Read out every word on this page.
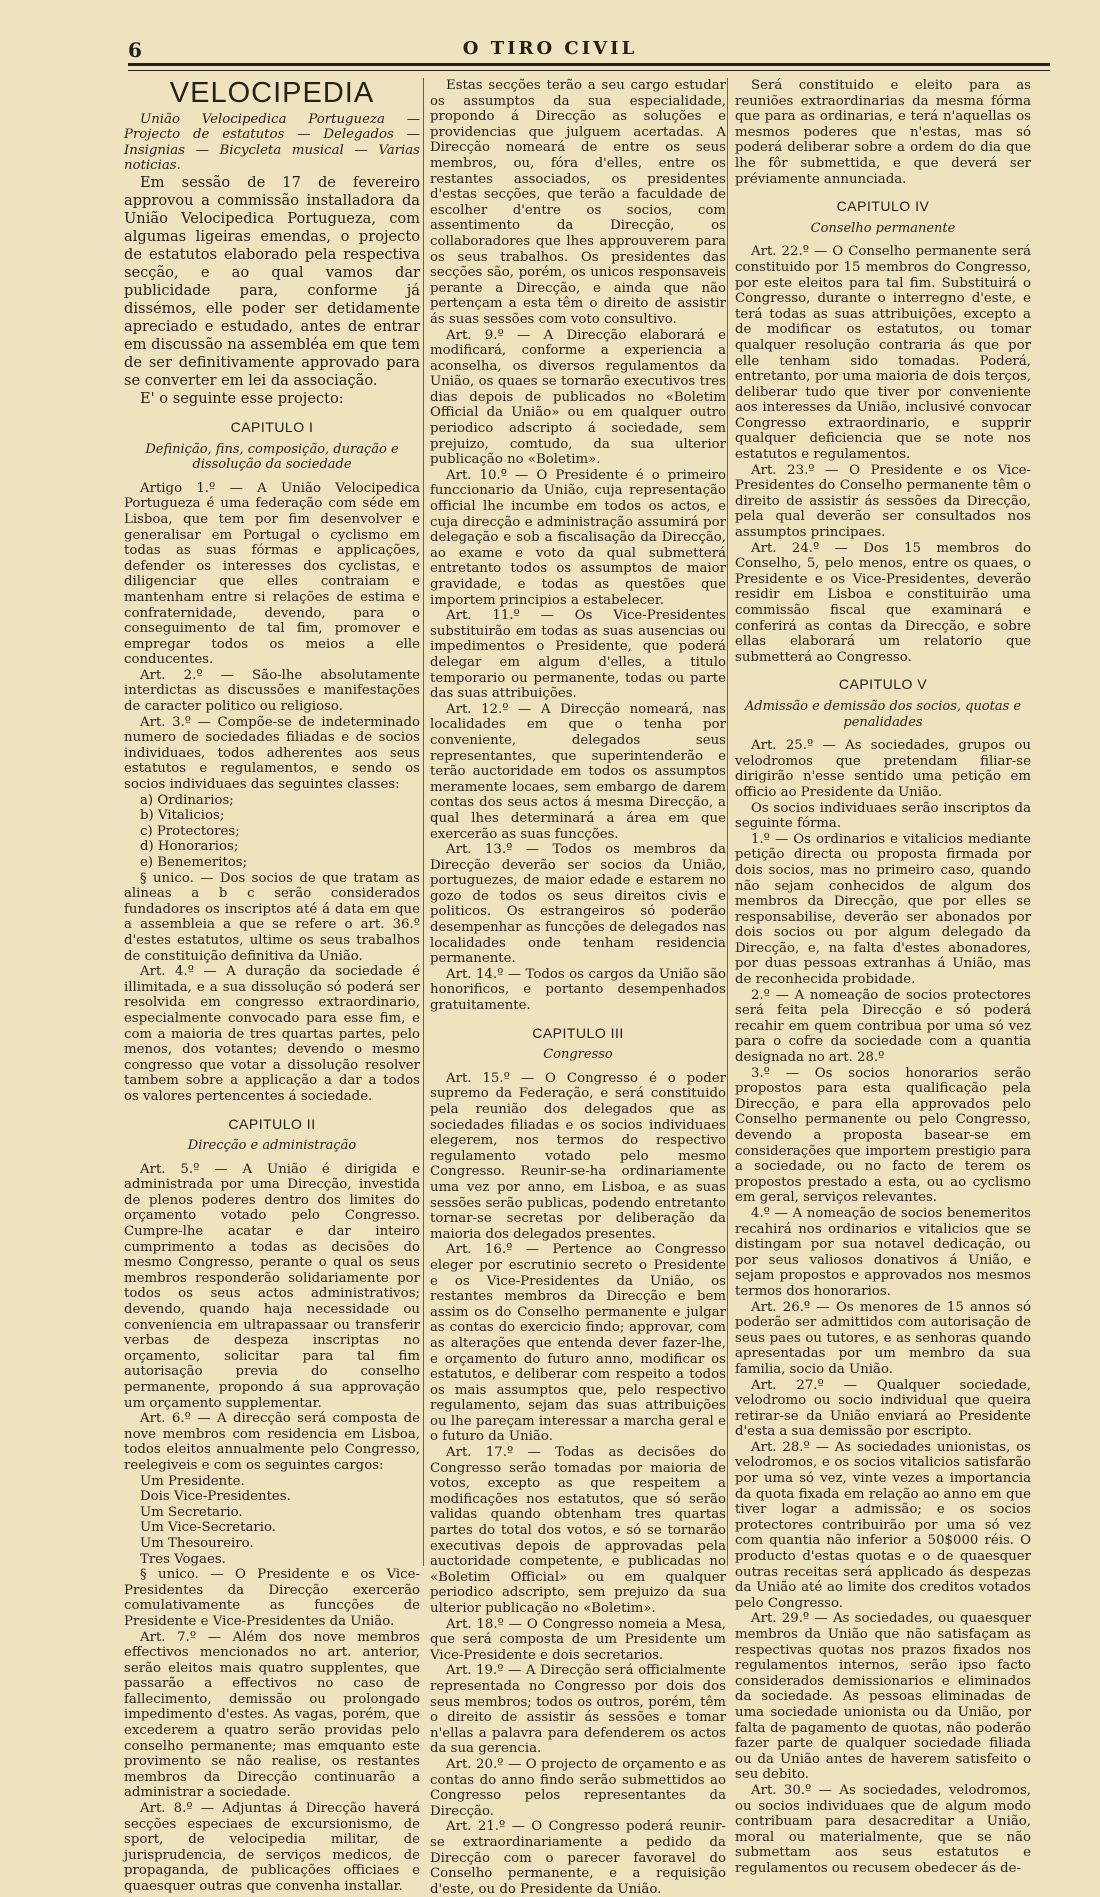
6	O TIRO CIVIL
VELOCIPEDIA

União Velocipedica Portugueza — Projecto de estatutos — Delegados — Insignias — Bicycleta musical — Varias noticias.

Em sessão de 17 de fevereiro approvou a commissão installadora da União Velocipedica Portugueza, com algumas ligeiras emendas, o projecto de estatutos elaborado pela respectiva secção, e ao qual vamos dar publicidade para, conforme já dissémos, elle poder ser detidamente apreciado e estudado, antes de entrar em discussão na assembléa em que tem de ser definitivamente approvado para se converter em lei da associação.

E' o seguinte esse projecto:

CAPITULO I
Definição, fins, composição, duração e dissolução da sociedade

Artigo 1.º — A União Velocipedica Portugueza é uma federação com séde em Lisboa, que tem por fim desenvolver e generalisar em Portugal o cyclismo em todas as suas fórmas e applicações, defender os interesses dos cyclistas, e diligenciar que elles contraiam e mantenham entre si relações de estima e confraternidade, devendo, para o conseguimento de tal fim, promover e empregar todos os meios a elle conducentes.

Art. 2.º — São-lhe absolutamente interdictas as discussões e manifestações de caracter politico ou religioso.

Art. 3.º — Compõe-se de indeterminado numero de sociedades filiadas e de socios individuaes, todos adherentes aos seus estatutos e regulamentos, e sendo os socios individuaes das seguintes classes:

a) Ordinarios;

b) Vitalicios;

c) Protectores;

d) Honorarios;

e) Benemeritos;

§ unico. — Dos socios de que tratam as alineas a b c serão considerados fundadores os inscriptos até á data em que a assembleia a que se refere o art. 36.º d'estes estatutos, ultime os seus trabalhos de constituição definitiva da União.

Art. 4.º — A duração da sociedade é illimitada, e a sua dissolução só poderá ser resolvida em congresso extraordinario, especialmente convocado para esse fim, e com a maioria de tres quartas partes, pelo menos, dos votantes; devendo o mesmo congresso que votar a dissolução resolver tambem sobre a applicação a dar a todos os valores pertencentes á sociedade.

CAPITULO II
Direcção e administração

Art. 5.º — A União é dirigida e administrada por uma Direcção, investida de plenos poderes dentro dos limites do orçamento votado pelo Congresso. Cumpre-lhe acatar e dar inteiro cumprimento a todas as decisões do mesmo Congresso, perante o qual os seus membros responderão solidariamente por todos os seus actos administrativos; devendo, quando haja necessidade ou conveniencia em ultrapassaar ou transferir verbas de despeza inscriptas no orçamento, solicitar para tal fim autorisação previa do conselho permanente, propondo á sua approvação um orçamento supplementar.

Art. 6.º — A direcção será composta de nove membros com residencia em Lisboa, todos eleitos annualmente pelo Congresso, reelegiveis e com os seguintes cargos:

Um Presidente.

Dois Vice-Presidentes.

Um Secretario.

Um Vice-Secretario.

Um Thesoureiro.

Tres Vogaes.

§ unico. — O Presidente e os Vice-Presidentes da Direcção exercerão comulativamente as funcções de Presidente e Vice-Presidentes da União.

Art. 7.º — Além dos nove membros effectivos mencionados no art. anterior, serão eleitos mais quatro supplentes, que passarão a effectivos no caso de fallecimento, demissão ou prolongado impedimento d'estes. As vagas, porém, que excederem a quatro serão providas pelo conselho permanente; mas emquanto este provimento se não realise, os restantes membros da Direcção continuarão a administrar a sociedade.

Art. 8.º — Adjuntas á Direcção haverá secções especiaes de excursionismo, de sport, de velocipedia militar, de jurisprudencia, de serviços medicos, de propaganda, de publicações officiaes e quaesquer outras que convenha installar.

Estas secções terão a seu cargo estudar os assumptos da sua especialidade, propondo á Direcção as soluções e providencias que julguem acertadas. A Direcção nomeará de entre os seus membros, ou, fóra d'elles, entre os restantes associados, os presidentes d'estas secções, que terão a faculdade de escolher d'entre os socios, com assentimento da Direcção, os collaboradores que lhes approuverem para os seus trabalhos. Os presidentes das secções são, porém, os unicos responsaveis perante a Direcção, e ainda que não pertençam a esta têm o direito de assistir ás suas sessões com voto consultivo.

Art. 9.º — A Direcção elaborará e modificará, conforme a experiencia a aconselha, os diversos regulamentos da União, os quaes se tornarão executivos tres dias depois de publicados no «Boletim Official da União» ou em qualquer outro periodico adscripto á sociedade, sem prejuizo, comtudo, da sua ulterior publicação no «Boletim».

Art. 10.º — O Presidente é o primeiro funccionario da União, cuja representação official lhe incumbe em todos os actos, e cuja direcção e administração assumirá por delegação e sob a fiscalisação da Direcção, ao exame e voto da qual submetterá entretanto todos os assumptos de maior gravidade, e todas as questões que importem principios a estabelecer.

Art. 11.º — Os Vice-Presidentes substituirão em todas as suas ausencias ou impedimentos o Presidente, que poderá delegar em algum d'elles, a titulo temporario ou permanente, todas ou parte das suas attribuições.

Art. 12.º — A Direcção nomeará, nas localidades em que o tenha por conveniente, delegados seus representantes, que superintenderão e terão auctoridade em todos os assumptos meramente locaes, sem embargo de darem contas dos seus actos á mesma Direcção, a qual lhes determinará a área em que exercerão as suas funcções.

Art. 13.º — Todos os membros da Direcção deverão ser socios da União, portuguezes, de maior edade e estarem no gozo de todos os seus direitos civis e politicos. Os estrangeiros só poderão desempenhar as funcções de delegados nas localidades onde tenham residencia permanente.

Art. 14.º — Todos os cargos da União são honorificos, e portanto desempenhados gratuitamente.

CAPITULO III
Congresso

Art. 15.º — O Congresso é o poder supremo da Federação, e será constituido pela reunião dos delegados que as sociedades filiadas e os socios individuaes elegerem, nos termos do respectivo regulamento votado pelo mesmo Congresso. Reunir-se-ha ordinariamente uma vez por anno, em Lisboa, e as suas sessões serão publicas, podendo entretanto tornar-se secretas por deliberação da maioria dos delegados presentes.

Art. 16.º — Pertence ao Congresso eleger por escrutinio secreto o Presidente e os Vice-Presidentes da União, os restantes membros da Direcção e bem assim os do Conselho permanente e julgar as contas do exercicio findo; approvar, com as alterações que entenda dever fazer-lhe, e orçamento do futuro anno, modificar os estatutos, e deliberar com respeito a todos os mais assumptos que, pelo respectivo regulamento, sejam das suas attribuições ou lhe pareçam interessar a marcha geral e o futuro da União.

Art. 17.º — Todas as decisões do Congresso serão tomadas por maioria de votos, excepto as que respeitem a modificações nos estatutos, que só serão validas quando obtenham tres quartas partes do total dos votos, e só se tornarão executivas depois de approvadas pela auctoridade competente, e publicadas no «Boletim Official» ou em qualquer periodico adscripto, sem prejuizo da sua ulterior publicação no «Boletim».

Art. 18.º — O Congresso nomeia a Mesa, que será composta de um Presidente um Vice-Presidente e dois secretarios.

Art. 19.º — A Direcção será officialmente representada no Congresso por dois dos seus membros; todos os outros, porém, têm o direito de assistir ás sessões e tomar n'ellas a palavra para defenderem os actos da sua gerencia.

Art. 20.º — O projecto de orçamento e as contas do anno findo serão submettidos ao Congresso pelos representantes da Direcção.

Art. 21.º — O Congresso poderá reunir-se extraordinariamente a pedido da Direcção com o parecer favoravel do Conselho permanente, e a requisição d'este, ou do Presidente da União.

Será constituido e eleito para as reuniões extraordinarias da mesma fórma que para as ordinarias, e terá n'aquellas os mesmos poderes que n'estas, mas só poderá deliberar sobre a ordem do dia que lhe fôr submettida, e que deverá ser préviamente annunciada.

CAPITULO IV
Conselho permanente

Art. 22.º — O Conselho permanente será constituido por 15 membros do Congresso, por este eleitos para tal fim. Substituirá o Congresso, durante o interregno d'este, e terá todas as suas attribuições, excepto a de modificar os estatutos, ou tomar qualquer resolução contraria ás que por elle tenham sido tomadas. Poderá, entretanto, por uma maioria de dois terços, deliberar tudo que tiver por conveniente aos interesses da União, inclusivé convocar Congresso extraordinario, e supprir qualquer deficiencia que se note nos estatutos e regulamentos.

Art. 23.º — O Presidente e os Vice-Presidentes do Conselho permanente têm o direito de assistir ás sessões da Direcção, pela qual deverão ser consultados nos assumptos principaes.

Art. 24.º — Dos 15 membros do Conselho, 5, pelo menos, entre os quaes, o Presidente e os Vice-Presidentes, deverão residir em Lisboa e constituirão uma commissão fiscal que examinará e conferirá as contas da Direcção, e sobre ellas elaborará um relatorio que submetterá ao Congresso.

CAPITULO V
Admissão e demissão dos socios, quotas e penalidades

Art. 25.º — As sociedades, grupos ou velodromos que pretendam filiar-se dirigirão n'esse sentido uma petição em officio ao Presidente da União.

Os socios individuaes serão inscriptos da seguinte fórma.

1.º — Os ordinarios e vitalicios mediante petição directa ou proposta firmada por dois socios, mas no primeiro caso, quando não sejam conhecidos de algum dos membros da Direcção, que por elles se responsabilise, deverão ser abonados por dois socios ou por algum delegado da Direcção, e, na falta d'estes abonadores, por duas pessoas extranhas á União, mas de reconhecida probidade.

2.º — A nomeação de socios protectores será feita pela Direcção e só poderá recahir em quem contribua por uma só vez para o cofre da sociedade com a quantia designada no art. 28.º

3.º — Os socios honorarios serão propostos para esta qualificação pela Direcção, e para ella approvados pelo Conselho permanente ou pelo Congresso, devendo a proposta basear-se em considerações que importem prestigio para a sociedade, ou no facto de terem os propostos prestado a esta, ou ao cyclismo em geral, serviços relevantes.

4.º — A nomeação de socios benemeritos recahirá nos ordinarios e vitalicios que se distingam por sua notavel dedicação, ou por seus valiosos donativos á União, e sejam propostos e approvados nos mesmos termos dos honorarios.

Art. 26.º — Os menores de 15 annos só poderão ser admittidos com autorisação de seus paes ou tutores, e as senhoras quando apresentadas por um membro da sua familia, socio da União.

Art. 27.º — Qualquer sociedade, velodromo ou socio individual que queira retirar-se da União enviará ao Presidente d'esta a sua demissão por escripto.

Art. 28.º — As sociedades unionistas, os velodromos, e os socios vitalicios satisfarão por uma só vez, vinte vezes a importancia da quota fixada em relação ao anno em que tiver logar a admissão; e os socios protectores contribuirão por uma só vez com quantia não inferior a 50$000 réis. O producto d'estas quotas e o de quaesquer outras receitas será applicado ás despezas da União até ao limite dos creditos votados pelo Congresso.

Art. 29.º — As sociedades, ou quaesquer membros da União que não satisfaçam as respectivas quotas nos prazos fixados nos regulamentos internos, serão ipso facto considerados demissionarios e eliminados da sociedade. As pessoas eliminadas de uma sociedade unionista ou da União, por falta de pagamento de quotas, não poderão fazer parte de qualquer sociedade filiada ou da União antes de haverem satisfeito o seu debito.

Art. 30.º — As sociedades, velodromos, ou socios individuaes que de algum modo contribuam para desacreditar a União, moral ou materialmente, que se não submettam aos seus estatutos e regulamentos ou recusem obedecer ás de-
